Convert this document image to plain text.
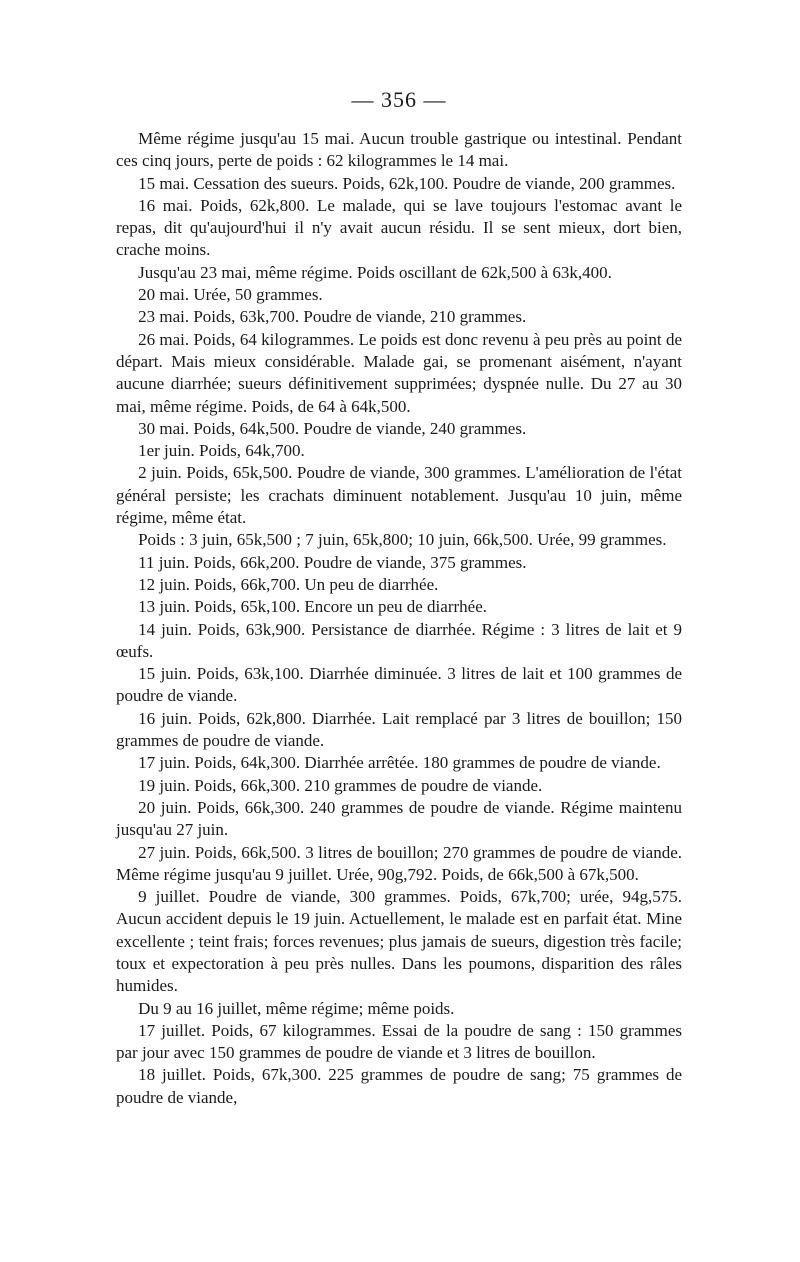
— 356 —

Même régime jusqu'au 15 mai. Aucun trouble gastrique ou intestinal. Pendant ces cinq jours, perte de poids : 62 kilogrammes le 14 mai.

15 mai. Cessation des sueurs. Poids, 62k,100. Poudre de viande, 200 grammes.

16 mai. Poids, 62k,800. Le malade, qui se lave toujours l'estomac avant le repas, dit qu'aujourd'hui il n'y avait aucun résidu. Il se sent mieux, dort bien, crache moins.

Jusqu'au 23 mai, même régime. Poids oscillant de 62k,500 à 63k,400.

20 mai. Urée, 50 grammes.

23 mai. Poids, 63k,700. Poudre de viande, 210 grammes.

26 mai. Poids, 64 kilogrammes. Le poids est donc revenu à peu près au point de départ. Mais mieux considérable. Malade gai, se promenant aisément, n'ayant aucune diarrhée; sueurs définitivement supprimées; dyspnée nulle. Du 27 au 30 mai, même régime. Poids, de 64 à 64k,500.

30 mai. Poids, 64k,500. Poudre de viande, 240 grammes.

1er juin. Poids, 64k,700.

2 juin. Poids, 65k,500. Poudre de viande, 300 grammes. L'amélioration de l'état général persiste; les crachats diminuent notablement. Jusqu'au 10 juin, même régime, même état.

Poids : 3 juin, 65k,500 ; 7 juin, 65k,800; 10 juin, 66k,500. Urée, 99 grammes.

11 juin. Poids, 66k,200. Poudre de viande, 375 grammes.

12 juin. Poids, 66k,700. Un peu de diarrhée.

13 juin. Poids, 65k,100. Encore un peu de diarrhée.

14 juin. Poids, 63k,900. Persistance de diarrhée. Régime : 3 litres de lait et 9 œufs.

15 juin. Poids, 63k,100. Diarrhée diminuée. 3 litres de lait et 100 grammes de poudre de viande.

16 juin. Poids, 62k,800. Diarrhée. Lait remplacé par 3 litres de bouillon; 150 grammes de poudre de viande.

17 juin. Poids, 64k,300. Diarrhée arrêtée. 180 grammes de poudre de viande.

19 juin. Poids, 66k,300. 210 grammes de poudre de viande.

20 juin. Poids, 66k,300. 240 grammes de poudre de viande. Régime maintenu jusqu'au 27 juin.

27 juin. Poids, 66k,500. 3 litres de bouillon; 270 grammes de poudre de viande. Même régime jusqu'au 9 juillet. Urée, 90g,792. Poids, de 66k,500 à 67k,500.

9 juillet. Poudre de viande, 300 grammes. Poids, 67k,700; urée, 94g,575. Aucun accident depuis le 19 juin. Actuellement, le malade est en parfait état. Mine excellente ; teint frais; forces revenues; plus jamais de sueurs, digestion très facile; toux et expectoration à peu près nulles. Dans les poumons, disparition des râles humides.

Du 9 au 16 juillet, même régime; même poids.

17 juillet. Poids, 67 kilogrammes. Essai de la poudre de sang : 150 grammes par jour avec 150 grammes de poudre de viande et 3 litres de bouillon.

18 juillet. Poids, 67k,300. 225 grammes de poudre de sang; 75 grammes de poudre de viande,
